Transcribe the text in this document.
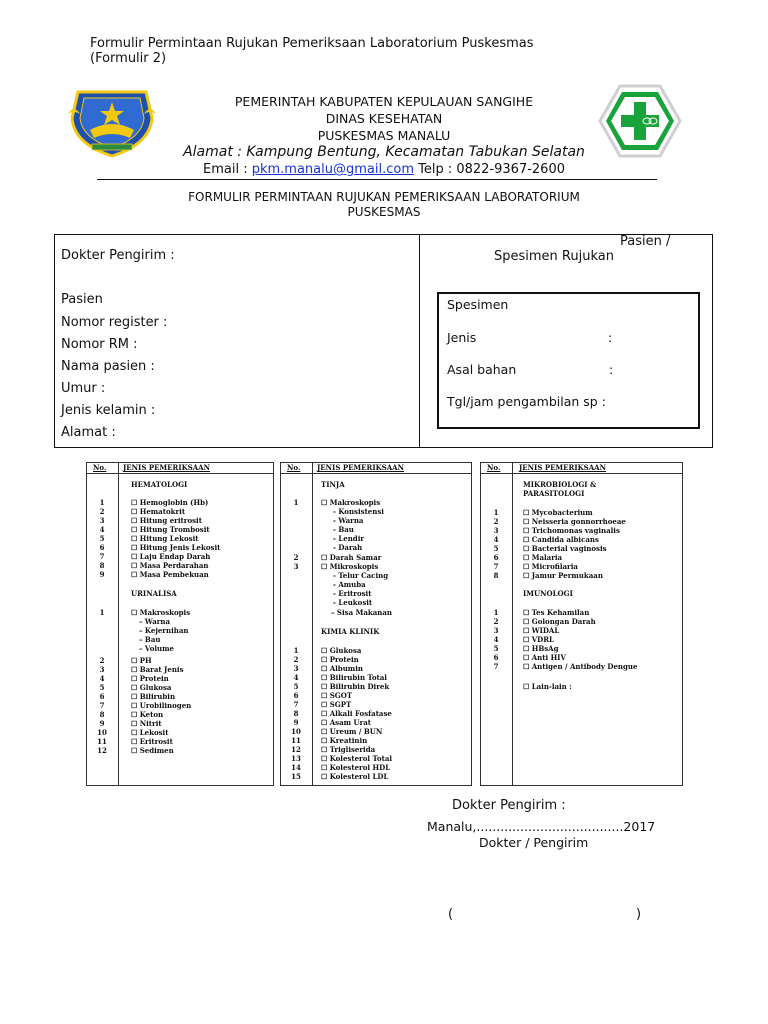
Formulir Permintaan Rujukan Pemeriksaan Laboratorium Puskesmas
(Formulir 2)
PEMERINTAH KABUPATEN KEPULAUAN SANGIHE
DINAS KESEHATAN
PUSKESMAS MANALU
Alamat : Kampung Bentung, Kecamatan Tabukan Selatan
Email : pkm.manalu@gmail.com Telp : 0822-9367-2600
FORMULIR PERMINTAAN RUJUKAN PEMERIKSAAN LABORATORIUM
PUSKESMAS
Dokter Pengirim :
Pasien
Nomor register :
Nomor RM :
Nama pasien :
Umur :
Jenis kelamin :
Alamat :
Pasien /
Spesimen Rujukan
Spesimen
Jenis	:
Asal bahan	:
Tgl/jam pengambilan sp :
No. JENIS PEMERIKSAAN
HEMATOLOGI
1	☐ Hemoglobin (Hb)
2	☐ Hematokrit
3	☐ Hitung eritrosit
4	☐ Hitung Trombosit
5	☐ Hitung Lekosit
6	☐ Hitung Jenis Lekosit
7	☐ Laju Endap Darah
8	☐ Masa Perdarahan
9	☐ Masa Pembekuan
URINALISA
1	☐ Makroskopis
– Warna
– Kejernihan
– Bau
– Volume
2	☐ PH
3	☐ Barat Jenis
4	☐ Protein
5	☐ Glukosa
6	☐ Bilirubin
7	☐ Urobilinogen
8	☐ Keton
9	☐ Nitrit
10	☐ Lekosit
11	☐ Eritrosit
12	☐ Sedimen
No. JENIS PEMERIKSAAN
TINJA
1	☐ Makroskopis
- Konsistensi
- Warna
- Bau
- Lendir
- Darah
2	☐ Darah Samar
3	☐ Mikroskopis
- Telur Cacing
- Amuba
- Eritrosit
- Leukosit
– Sisa Makanan
KIMIA KLINIK
1	☐ Glukosa
2	☐ Protein
3	☐ Albumin
4	☐ Bilirubin Total
5	☐ Bilirubin Direk
6	☐ SGOT
7	☐ SGPT
8	☐ Alkali Fosfatase
9	☐ Asam Urat
10	☐ Ureum / BUN
11	☐ Kreatinin
12	☐ Trigliserida
13	☐ Kolesterol Total
14	☐ Kolesterol HDL
15	☐ Kolesterol LDL
No.	JENIS PEMERIKSAAN
MIKROBIOLOGI &
PARASITOLOGI
1	☐ Mycobacterium
2	☐ Neisseria gonnorrhoeae
3	☐ Trichomonas vaginalis
4	☐ Candida albicans
5	☐ Bacterial vaginosis
6	☐ Malaria
7	☐ Microfilaria
8	☐ Jamur Permukaan
IMUNOLOGI
1	☐ Tes Kehamilan
2	☐ Golongan Darah
3	☐ WIDAL
4	☐ VDRL
5	☐ HBsAg
6	☐ Anti HIV
7	☐ Antigen / Antibody Dengue
☐ Lain-lain :
Dokter Pengirim :
Manalu,.....................................2017
Dokter / Pengirim
(	)
